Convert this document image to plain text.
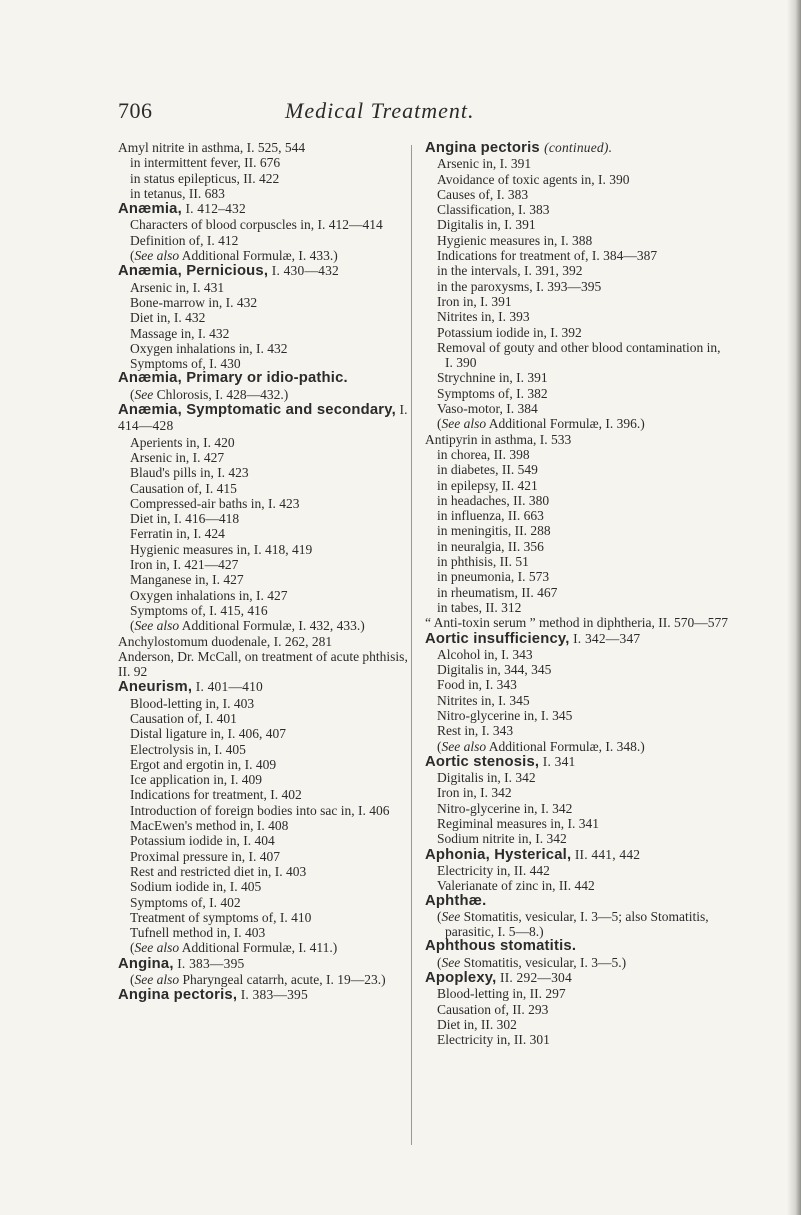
706	Medical Treatment.
Amyl nitrite in asthma, I. 525, 544
in intermittent fever, II. 676
in status epilepticus, II. 422
in tetanus, II. 683
Anæmia, I. 412–432
Characters of blood corpuscles in, I. 412—414
Definition of, I. 412
(See also Additional Formulæ, I. 433.)
Anæmia, Pernicious, I. 430—432
Arsenic in, I. 431
Bone-marrow in, I. 432
Diet in, I. 432
Massage in, I. 432
Oxygen inhalations in, I. 432
Symptoms of, I. 430
Anæmia, Primary or idio-pathic.
(See Chlorosis, I. 428—432.)
Anæmia, Symptomatic and secondary, I. 414—428
Aperients in, I. 420
Arsenic in, I. 427
Blaud's pills in, I. 423
Causation of, I. 415
Compressed-air baths in, I. 423
Diet in, I. 416—418
Ferratin in, I. 424
Hygienic measures in, I. 418, 419
Iron in, I. 421—427
Manganese in, I. 427
Oxygen inhalations in, I. 427
Symptoms of, I. 415, 416
(See also Additional Formulæ, I. 432, 433.)
Anchylostomum duodenale, I. 262, 281
Anderson, Dr. McCall, on treatment of acute phthisis, II. 92
Aneurism, I. 401—410
Blood-letting in, I. 403
Causation of, I. 401
Distal ligature in, I. 406, 407
Electrolysis in, I. 405
Ergot and ergotin in, I. 409
Ice application in, I. 409
Indications for treatment, I. 402
Introduction of foreign bodies into sac in, I. 406
MacEwen's method in, I. 408
Potassium iodide in, I. 404
Proximal pressure in, I. 407
Rest and restricted diet in, I. 403
Sodium iodide in, I. 405
Symptoms of, I. 402
Treatment of symptoms of, I. 410
Tufnell method in, I. 403
(See also Additional Formulæ, I. 411.)
Angina, I. 383—395
(See also Pharyngeal catarrh, acute, I. 19—23.)
Angina pectoris, I. 383—395
Angina pectoris (continued).
Arsenic in, I. 391
Avoidance of toxic agents in, I. 390
Causes of, I. 383
Classification, I. 383
Digitalis in, I. 391
Hygienic measures in, I. 388
Indications for treatment of, I. 384—387
in the intervals, I. 391, 392
in the paroxysms, I. 393—395
Iron in, I. 391
Nitrites in, I. 393
Potassium iodide in, I. 392
Removal of gouty and other blood contamination in, I. 390
Strychnine in, I. 391
Symptoms of, I. 382
Vaso-motor, I. 384
(See also Additional Formulæ, I. 396.)
Antipyrin in asthma, I. 533
in chorea, II. 398
in diabetes, II. 549
in epilepsy, II. 421
in headaches, II. 380
in influenza, II. 663
in meningitis, II. 288
in neuralgia, II. 356
in phthisis, II. 51
in pneumonia, I. 573
in rheumatism, II. 467
in tabes, II. 312
“ Anti-toxin serum ” method in diphtheria, II. 570—577
Aortic insufficiency, I. 342—347
Alcohol in, I. 343
Digitalis in, 344, 345
Food in, I. 343
Nitrites in, I. 345
Nitro-glycerine in, I. 345
Rest in, I. 343
(See also Additional Formulæ, I. 348.)
Aortic stenosis, I. 341
Digitalis in, I. 342
Iron in, I. 342
Nitro-glycerine in, I. 342
Regiminal measures in, I. 341
Sodium nitrite in, I. 342
Aphonia, Hysterical, II. 441, 442
Electricity in, II. 442
Valerianate of zinc in, II. 442
Aphthæ.
(See Stomatitis, vesicular, I. 3—5; also Stomatitis, parasitic, I. 5—8.)
Aphthous stomatitis.
(See Stomatitis, vesicular, I. 3—5.)
Apoplexy, II. 292—304
Blood-letting in, II. 297
Causation of, II. 293
Diet in, II. 302
Electricity in, II. 301
